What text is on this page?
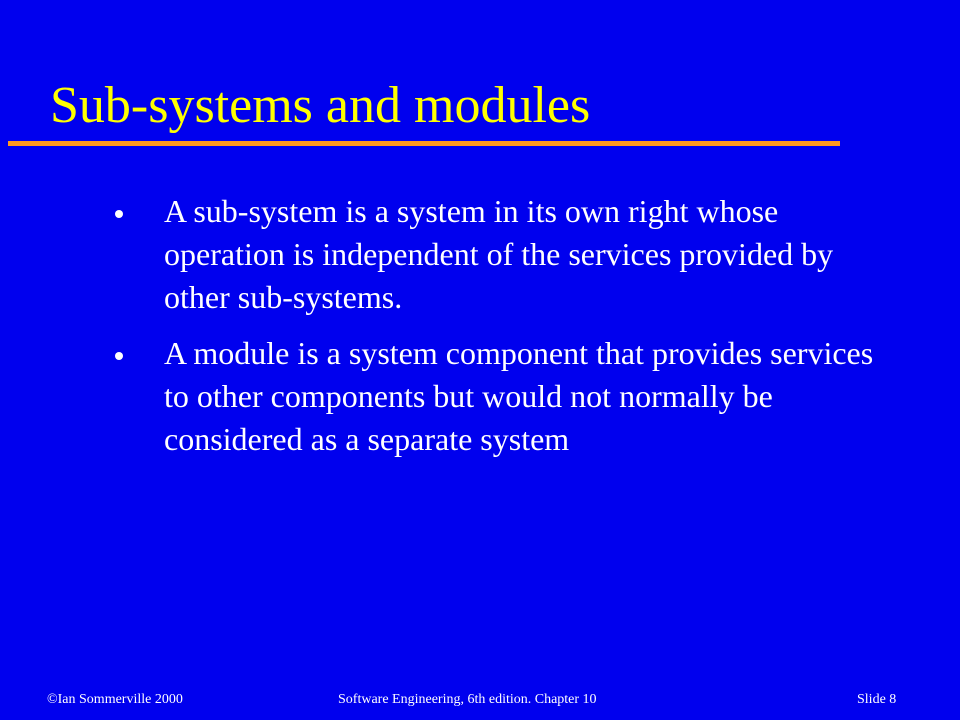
Sub-systems and modules
A sub-system is a system in its own right whose operation is independent of the services provided by other sub-systems.
A module is a system component that provides services to other components but would not normally be considered as a separate system
©Ian Sommerville 2000	Software Engineering, 6th edition. Chapter 10	Slide 8
